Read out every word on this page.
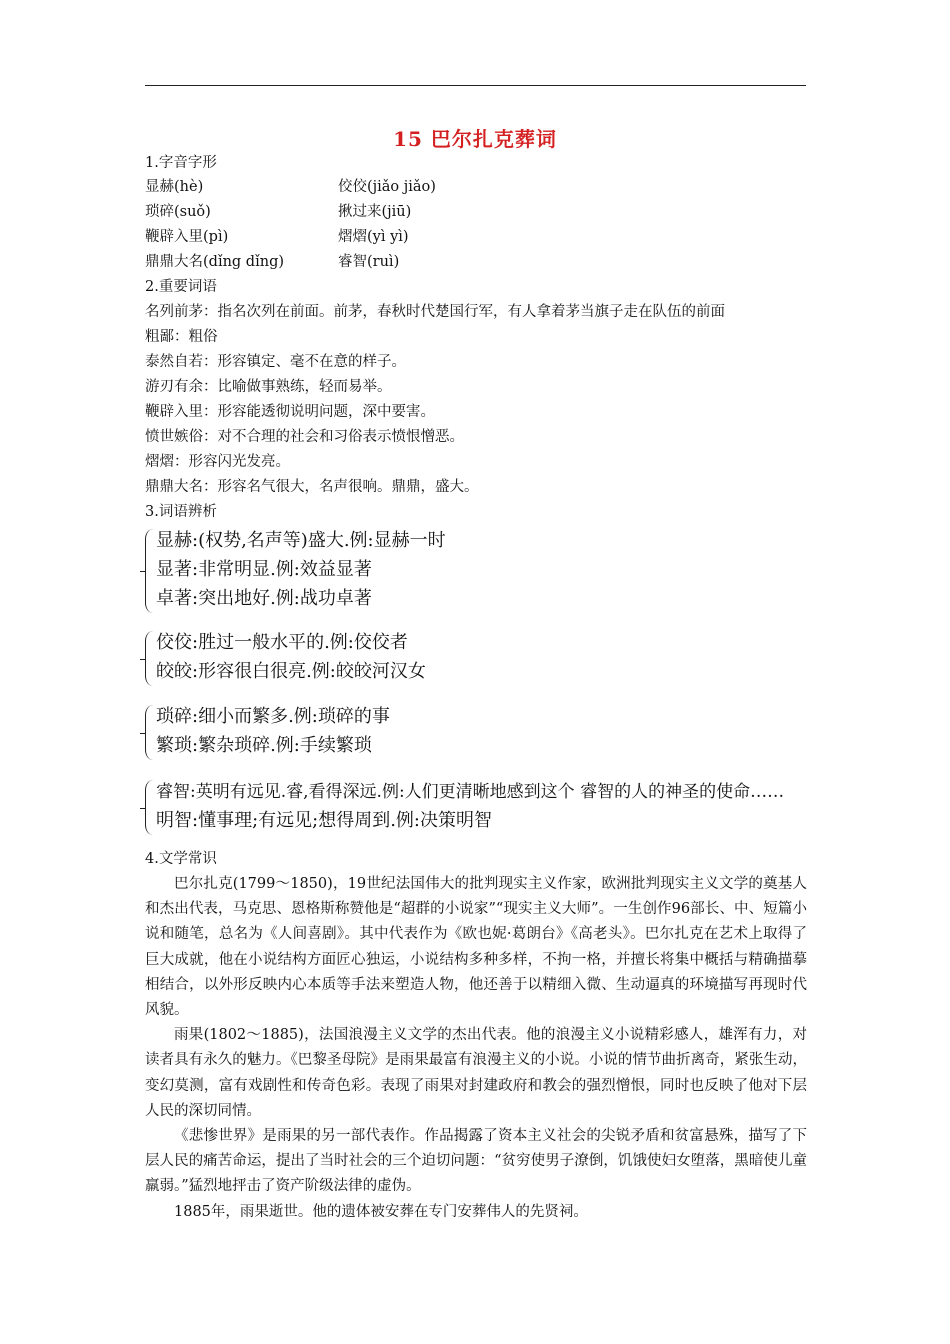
15 巴尔扎克葬词
1.字音字形
显赫(hè)	佼佼(jiǎo jiǎo)
琐碎(suǒ)	揪过来(jiū)
鞭辟入里(pì)	熠熠(yì yì)
鼎鼎大名(dǐng dǐng)	睿智(ruì)
2.重要词语
名列前茅：指名次列在前面。前茅，春秋时代楚国行军，有人拿着茅当旗子走在队伍的前面
粗鄙：粗俗
泰然自若：形容镇定、毫不在意的样子。
游刃有余：比喻做事熟练，轻而易举。
鞭辟入里：形容能透彻说明问题，深中要害。
愤世嫉俗：对不合理的社会和习俗表示愤恨憎恶。
熠熠：形容闪光发亮。
鼎鼎大名：形容名气很大，名声很响。鼎鼎，盛大。
3.词语辨析
显赫:(权势,名声等)盛大.例:显赫一时
显著:非常明显.例:效益显著
卓著:突出地好.例:战功卓著
佼佼:胜过一般水平的.例:佼佼者
皎皎:形容很白很亮.例:皎皎河汉女
琐碎:细小而繁多.例:琐碎的事
繁琐:繁杂琐碎.例:手续繁琐
睿智:英明有远见.睿,看得深远.例:人们更清晰地感到这个 睿智的人的神圣的使命……
明智:懂事理;有远见;想得周到.例:决策明智
4.文学常识

巴尔扎克(1799～1850)，19世纪法国伟大的批判现实主义作家，欧洲批判现实主义文学的奠基人和杰出代表，马克思、恩格斯称赞他是“超群的小说家”“现实主义大师”。一生创作96部长、中、短篇小说和随笔，总名为《人间喜剧》。其中代表作为《欧也妮·葛朗台》《高老头》。巴尔扎克在艺术上取得了巨大成就，他在小说结构方面匠心独运，小说结构多种多样，不拘一格，并擅长将集中概括与精确描摹相结合，以外形反映内心本质等手法来塑造人物，他还善于以精细入微、生动逼真的环境描写再现时代风貌。

雨果(1802～1885)，法国浪漫主义文学的杰出代表。他的浪漫主义小说精彩感人，雄浑有力，对读者具有永久的魅力。《巴黎圣母院》是雨果最富有浪漫主义的小说。小说的情节曲折离奇，紧张生动，变幻莫测，富有戏剧性和传奇色彩。表现了雨果对封建政府和教会的强烈憎恨，同时也反映了他对下层人民的深切同情。

《悲惨世界》是雨果的另一部代表作。作品揭露了资本主义社会的尖锐矛盾和贫富悬殊，描写了下层人民的痛苦命运，提出了当时社会的三个迫切问题：“贫穷使男子潦倒，饥饿使妇女堕落，黑暗使儿童羸弱。”猛烈地抨击了资产阶级法律的虚伪。

1885年，雨果逝世。他的遗体被安葬在专门安葬伟人的先贤祠。
